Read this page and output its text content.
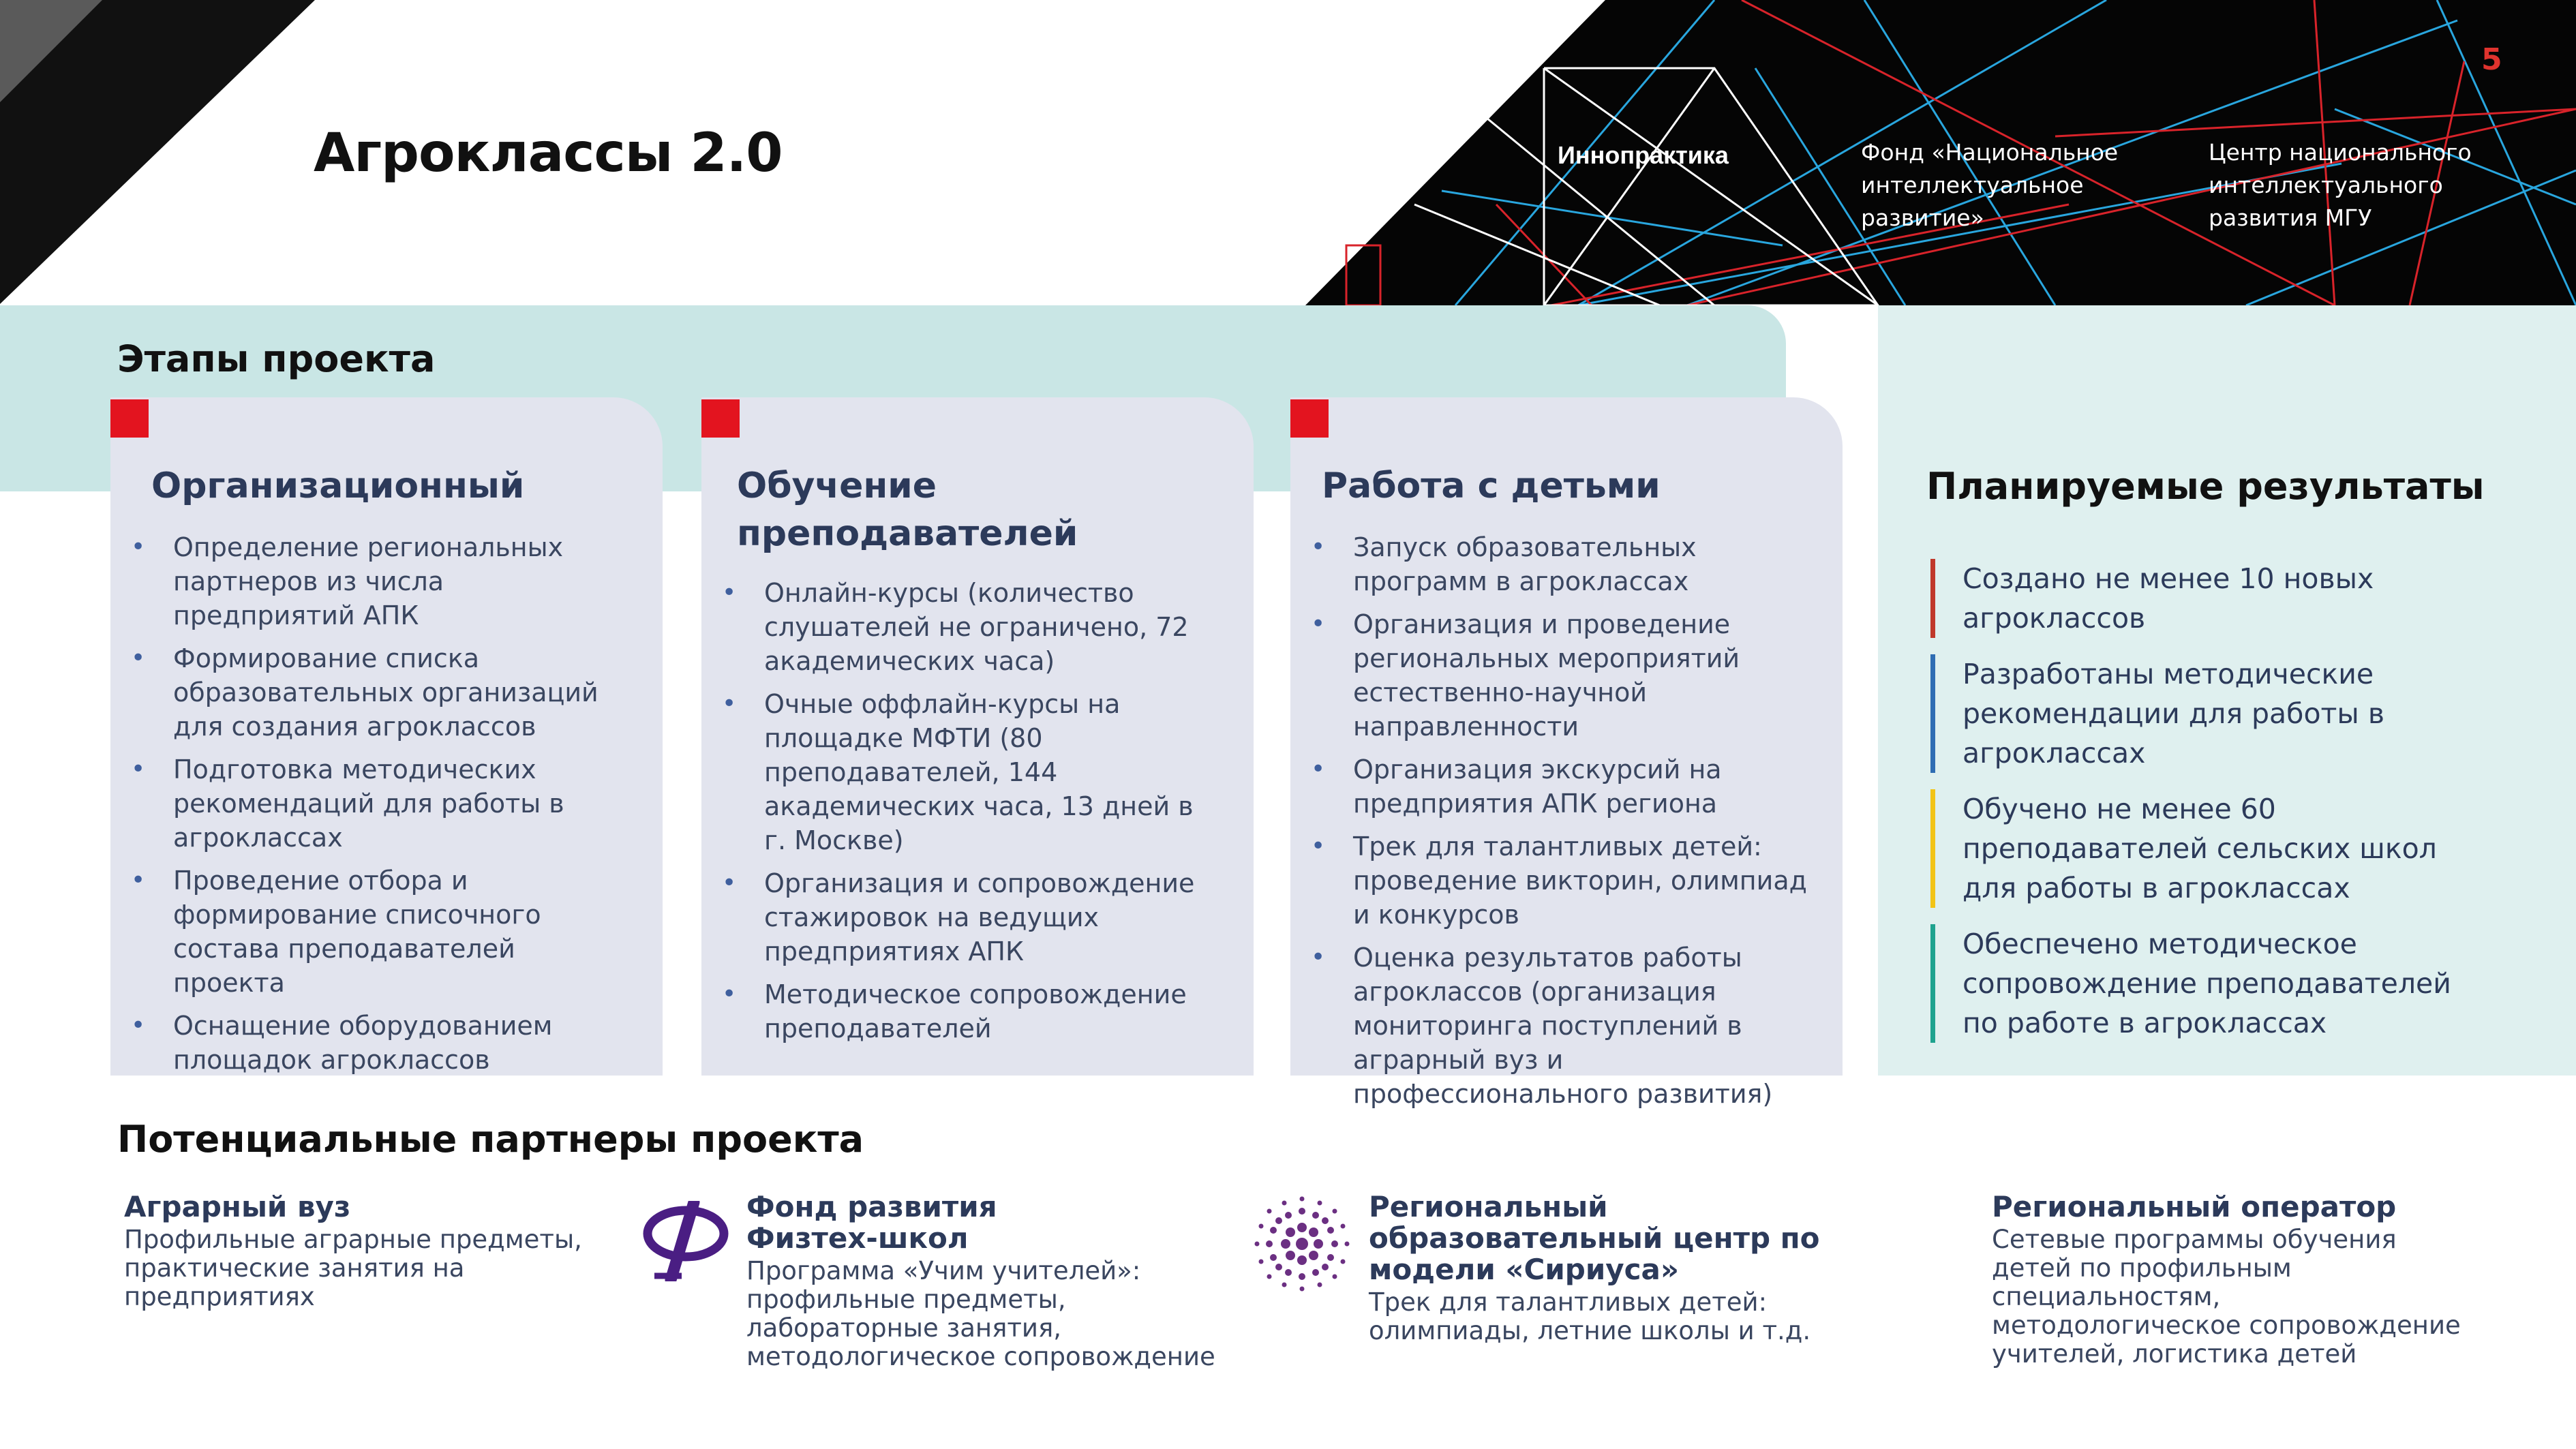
Агроклассы 2.0	Иннопрактика
5
Фонд «Национальное интеллектуальное развитие»
Центр национального интеллектуального развития МГУ
Этапы проекта
Организационный
• Определение региональных партнеров из числа предприятий АПК
• Формирование списка образовательных организаций для создания агроклассов
• Подготовка методических рекомендаций для работы в агроклассах
• Проведение отбора и формирование списочного состава преподавателей проекта
• Оснащение оборудованием площадок агроклассов
Обучение преподавателей
• Онлайн-курсы (количество слушателей не ограничено, 72 академических часа)
• Очные оффлайн-курсы на площадке МФТИ (80 преподавателей, 144 академических часа, 13 дней в г. Москве)
• Организация и сопровождение стажировок на ведущих предприятиях АПК
• Методическое сопровождение преподавателей
Работа с детьми
• Запуск образовательных программ в агроклассах
• Организация и проведение региональных мероприятий естественно-научной направленности
• Организация экскурсий на предприятия АПК региона
• Трек для талантливых детей: проведение викторин, олимпиад и конкурсов
• Оценка результатов работы агроклассов (организация мониторинга поступлений в аграрный вуз и профессионального развития)
Планируемые результаты
Создано не менее 10 новых агроклассов
Разработаны методические рекомендации для работы в агроклассах
Обучено не менее 60 преподавателей сельских школ для работы в агроклассах
Обеспечено методическое сопровождение преподавателей по работе в агроклассах
Потенциальные партнеры проекта
Аграрный вуз
Профильные аграрные предметы, практические занятия на предприятиях
Фонд развития Физтех-школ
Программа «Учим учителей»: профильные предметы, лабораторные занятия, методологическое сопровождение
Региональный образовательный центр по модели «Сириуса»
Трек для талантливых детей: олимпиады, летние школы и т.д.
Региональный оператор
Сетевые программы обучения детей по профильным специальностям, методологическое сопровождение учителей, логистика детей
